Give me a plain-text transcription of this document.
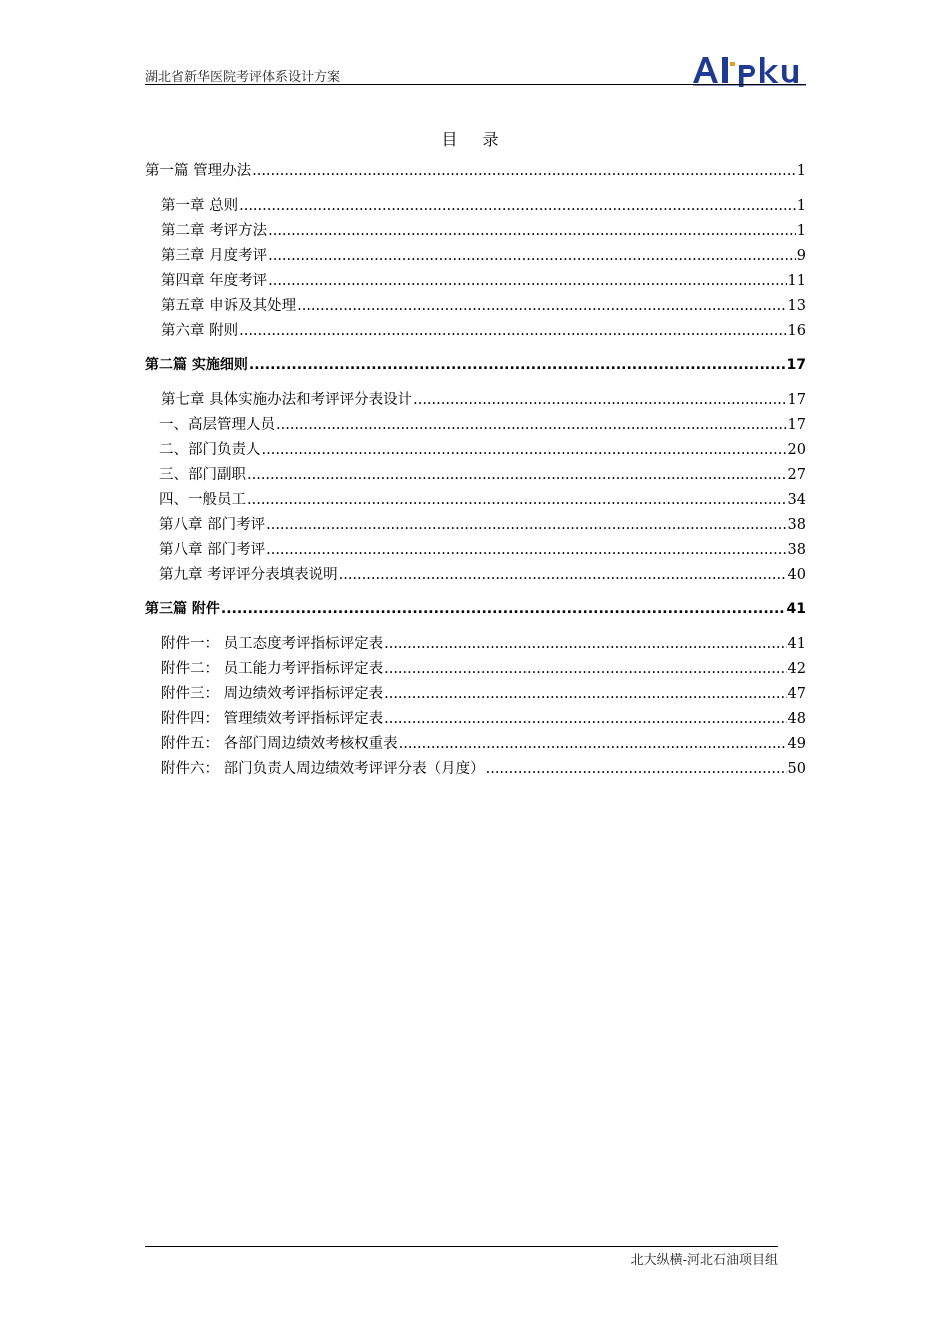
湖北省新华医院考评体系设计方案
目 录
第一篇 管理办法 .....	1
第一章 总则 .....	1
第二章 考评方法 .....	1
第三章 月度考评 .....	9
第四章 年度考评 .....	11
第五章 申诉及其处理 .....	13
第六章 附则 .....	16
第二篇 实施细则 .....	17
第七章 具体实施办法和考评评分表设计 .....	17
一、高层管理人员 .....	17
二、部门负责人 .....	20
三、部门副职 .....	27
四、一般员工 .....	34
第八章 部门考评 .....	38
第八章 部门考评 .....	38
第九章 考评评分表填表说明 .....	40
第三篇 附件 .....	41
附件一： 员工态度考评指标评定表 .....	41
附件二： 员工能力考评指标评定表 .....	42
附件三： 周边绩效考评指标评定表 .....	47
附件四： 管理绩效考评指标评定表 .....	48
附件五： 各部门周边绩效考核权重表 .....	49
附件六： 部门负责人周边绩效考评评分表（月度） .....	50
北大纵横-河北石油项目组
